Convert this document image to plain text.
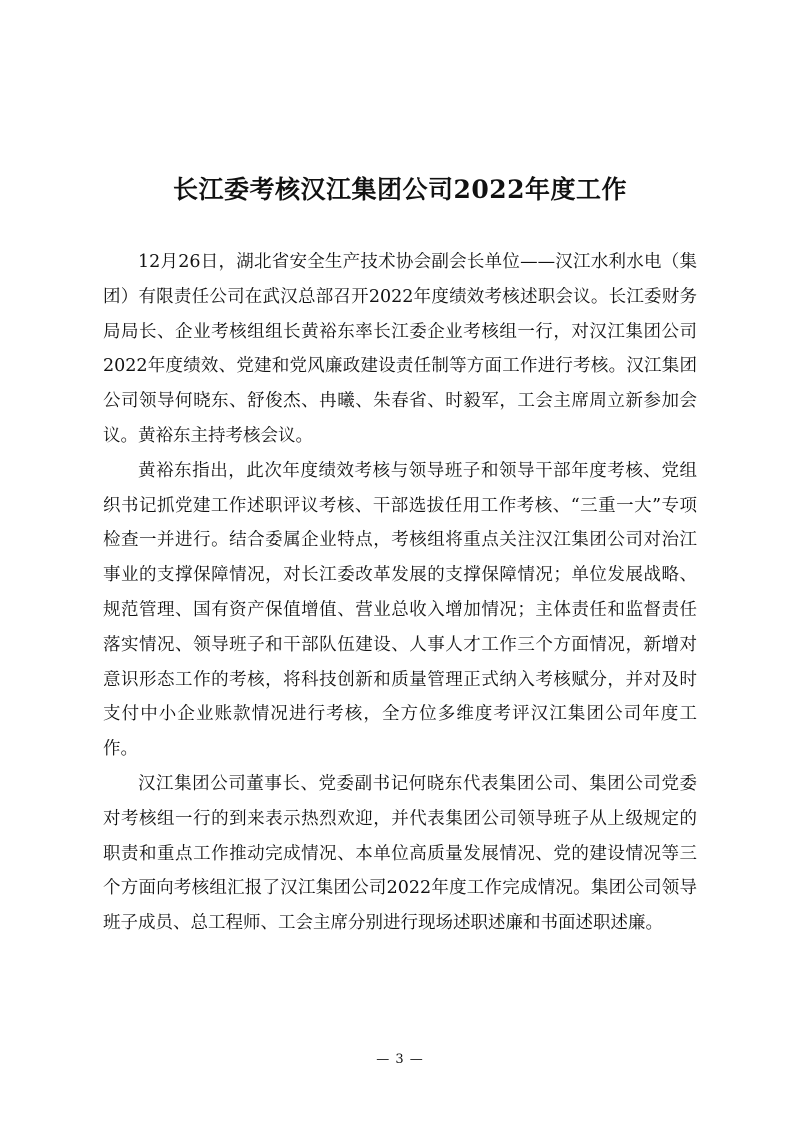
长江委考核汉江集团公司2022年度工作

12月26日，湖北省安全生产技术协会副会长单位——汉江水利水电（集团）有限责任公司在武汉总部召开2022年度绩效考核述职会议。长江委财务局局长、企业考核组组长黄裕东率长江委企业考核组一行，对汉江集团公司2022年度绩效、党建和党风廉政建设责任制等方面工作进行考核。汉江集团公司领导何晓东、舒俊杰、冉曦、朱春省、时毅军，工会主席周立新参加会议。黄裕东主持考核会议。

黄裕东指出，此次年度绩效考核与领导班子和领导干部年度考核、党组织书记抓党建工作述职评议考核、干部选拔任用工作考核、“三重一大”专项检查一并进行。结合委属企业特点，考核组将重点关注汉江集团公司对治江事业的支撑保障情况，对长江委改革发展的支撑保障情况；单位发展战略、规范管理、国有资产保值增值、营业总收入增加情况；主体责任和监督责任落实情况、领导班子和干部队伍建设、人事人才工作三个方面情况，新增对意识形态工作的考核，将科技创新和质量管理正式纳入考核赋分，并对及时支付中小企业账款情况进行考核，全方位多维度考评汉江集团公司年度工作。

汉江集团公司董事长、党委副书记何晓东代表集团公司、集团公司党委对考核组一行的到来表示热烈欢迎，并代表集团公司领导班子从上级规定的职责和重点工作推动完成情况、本单位高质量发展情况、党的建设情况等三个方面向考核组汇报了汉江集团公司2022年度工作完成情况。集团公司领导班子成员、总工程师、工会主席分别进行现场述职述廉和书面述职述廉。

— 3 —
